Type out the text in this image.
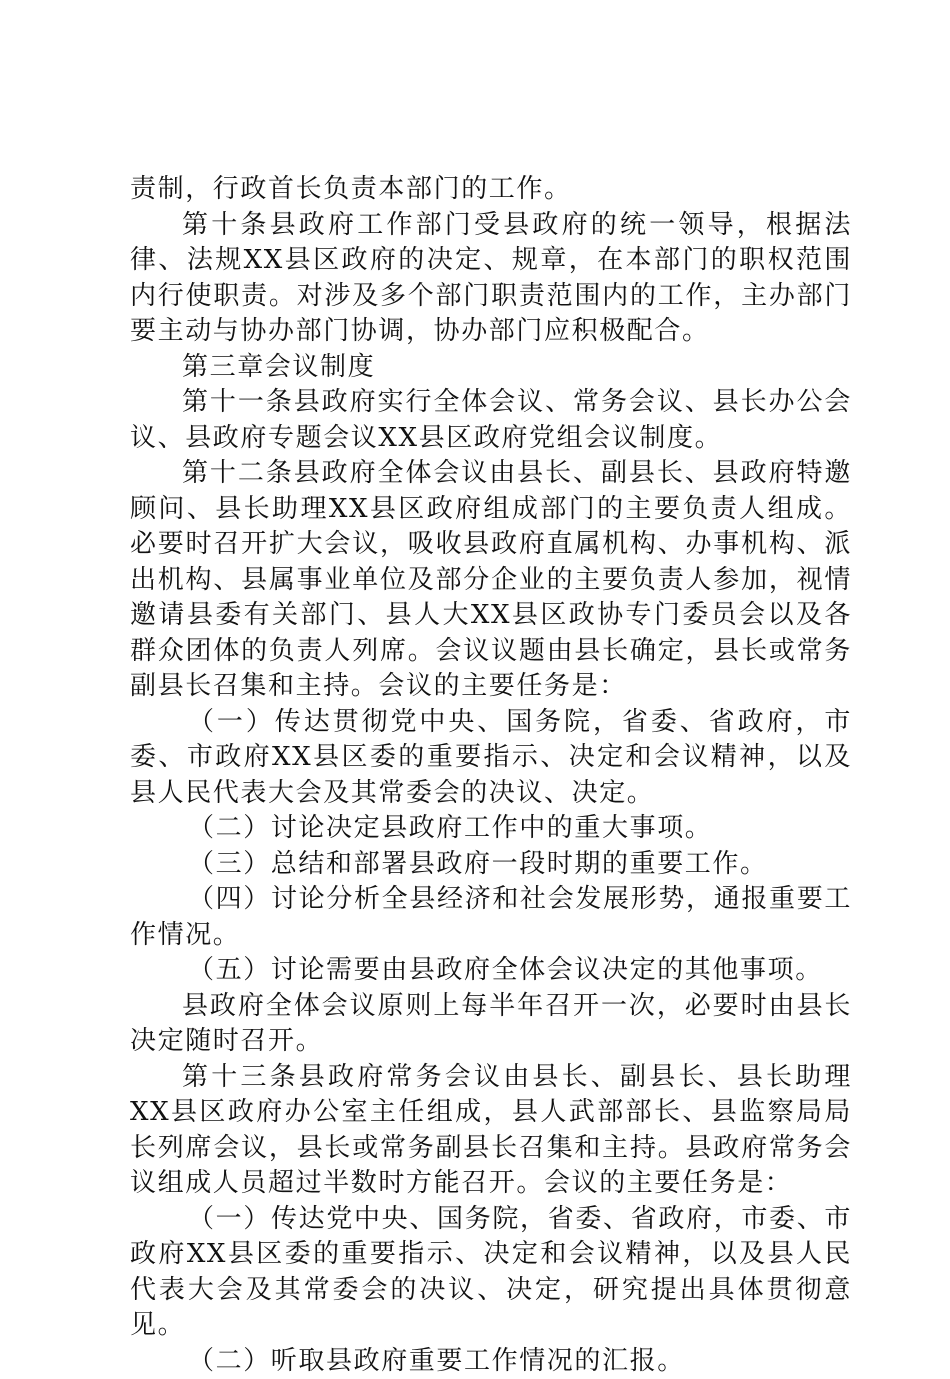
责制，行政首长负责本部门的工作。

第十条县政府工作部门受县政府的统一领导，根据法律、法规XX县区政府的决定、规章，在本部门的职权范围内行使职责。对涉及多个部门职责范围内的工作，主办部门要主动与协办部门协调，协办部门应积极配合。

第三章会议制度

第十一条县政府实行全体会议、常务会议、县长办公会议、县政府专题会议XX县区政府党组会议制度。

第十二条县政府全体会议由县长、副县长、县政府特邀顾问、县长助理XX县区政府组成部门的主要负责人组成。必要时召开扩大会议，吸收县政府直属机构、办事机构、派出机构、县属事业单位及部分企业的主要负责人参加，视情邀请县委有关部门、县人大XX县区政协专门委员会以及各群众团体的负责人列席。会议议题由县长确定，县长或常务副县长召集和主持。会议的主要任务是：

（一）传达贯彻党中央、国务院，省委、省政府，市委、市政府XX县区委的重要指示、决定和会议精神，以及县人民代表大会及其常委会的决议、决定。

（二）讨论决定县政府工作中的重大事项。

（三）总结和部署县政府一段时期的重要工作。

（四）讨论分析全县经济和社会发展形势，通报重要工作情况。

（五）讨论需要由县政府全体会议决定的其他事项。

县政府全体会议原则上每半年召开一次，必要时由县长决定随时召开。

第十三条县政府常务会议由县长、副县长、县长助理XX县区政府办公室主任组成，县人武部部长、县监察局局长列席会议，县长或常务副县长召集和主持。县政府常务会议组成人员超过半数时方能召开。会议的主要任务是：

（一）传达党中央、国务院，省委、省政府，市委、市政府XX县区委的重要指示、决定和会议精神，以及县人民代表大会及其常委会的决议、决定，研究提出具体贯彻意见。

（二）听取县政府重要工作情况的汇报。
